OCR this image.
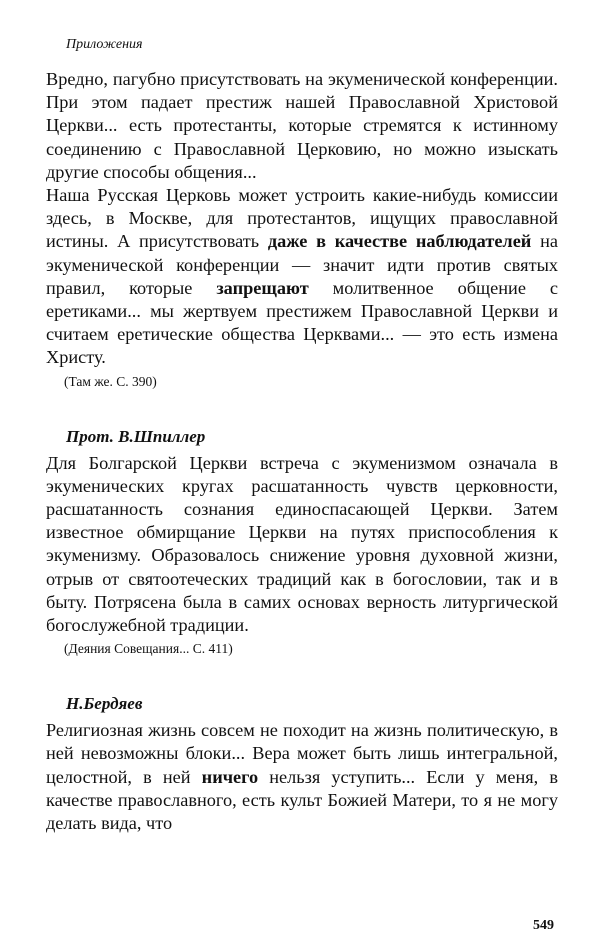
Приложения

Вредно, пагубно присутствовать на экуменической конференции. При этом падает престиж нашей Православной Христовой Церкви... есть протестанты, которые стремятся к истинному соединению с Православной Церковию, но можно изыскать другие способы общения...

Наша Русская Церковь может устроить какие-нибудь комиссии здесь, в Москве, для протестантов, ищущих православной истины. А присутствовать даже в качестве наблюдателей на экуменической конференции — значит идти против святых правил, которые запрещают молитвенное общение с еретиками... мы жертвуем престижем Православной Церкви и считаем еретические общества Церквами... — это есть измена Христу.

(Там же. С. 390)
Прот. В.Шпиллер

Для Болгарской Церкви встреча с экуменизмом означала в экуменических кругах расшатанность чувств церковности, расшатанность сознания единоспасающей Церкви. Затем известное обмирщание Церкви на путях приспособления к экуменизму. Образовалось снижение уровня духовной жизни, отрыв от святоотеческих традиций как в богословии, так и в быту. Потрясена была в самих основах верность литургической богослужебной традиции.

(Деяния Совещания... С. 411)
Н.Бердяев

Религиозная жизнь совсем не походит на жизнь политическую, в ней невозможны блоки... Вера может быть лишь интегральной, целостной, в ней ничего нельзя уступить... Если у меня, в качестве православного, есть культ Божией Матери, то я не могу делать вида, что

549
